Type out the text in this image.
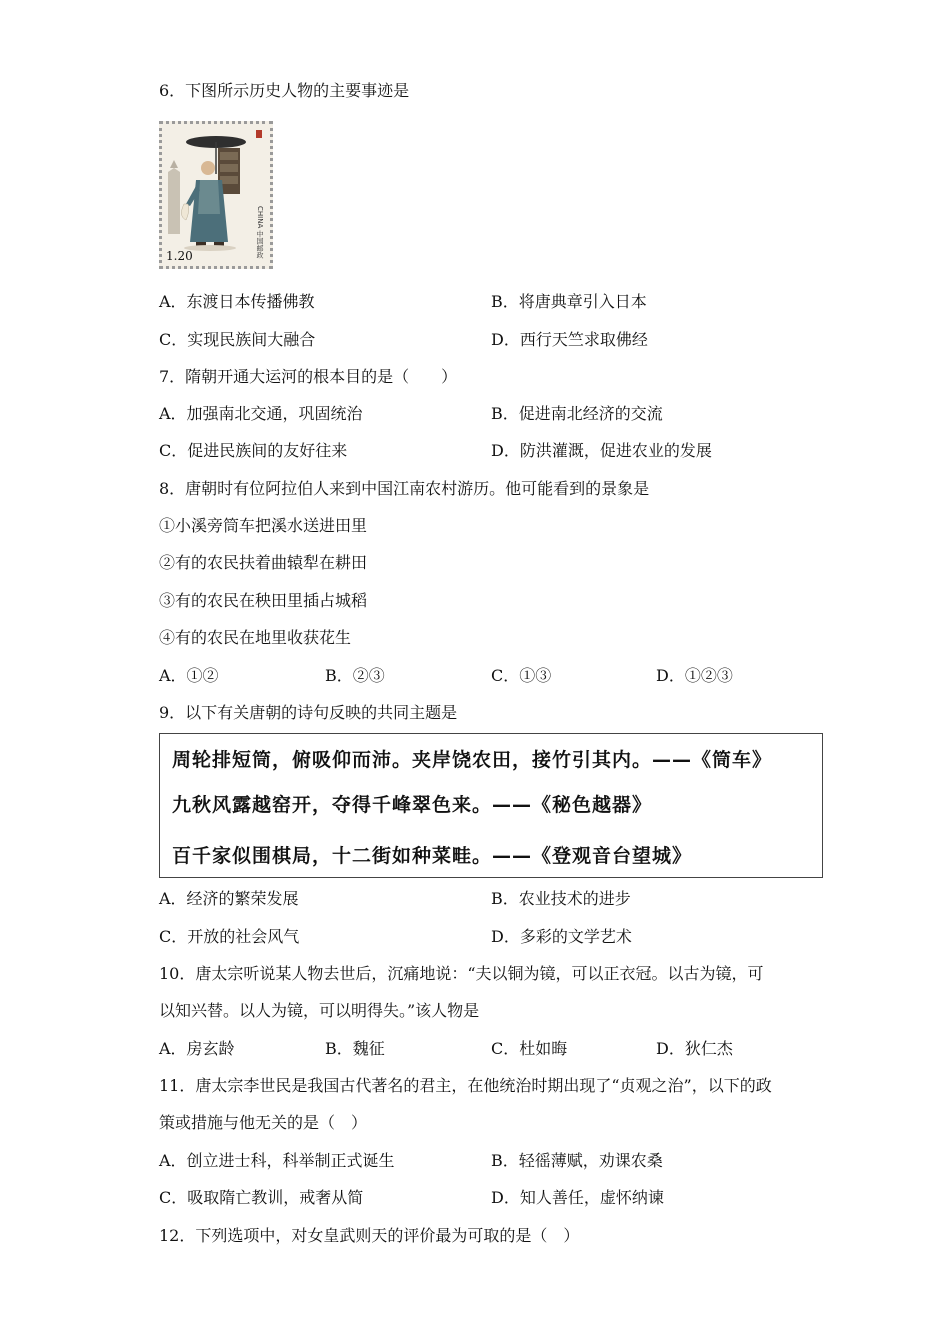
6．下图所示历史人物的主要事迹是
CHINA 中国邮政
1.20
A．东渡日本传播佛教	B．将唐典章引入日本
C．实现民族间大融合	D．西行天竺求取佛经
7．隋朝开通大运河的根本目的是（　　）
A．加强南北交通，巩固统治	B．促进南北经济的交流
C．促进民族间的友好往来	D．防洪灌溉，促进农业的发展
8．唐朝时有位阿拉伯人来到中国江南农村游历。他可能看到的景象是
①小溪旁筒车把溪水送进田里
②有的农民扶着曲辕犁在耕田
③有的农民在秧田里插占城稻
④有的农民在地里收获花生
A．①②	B．②③	C．①③	D．①②③
9．以下有关唐朝的诗句反映的共同主题是
周轮排短筒，俯吸仰而沛。夹岸饶农田，接竹引其内。——《筒车》
九秋风露越窑开，夺得千峰翠色来。——《秘色越器》
百千家似围棋局，十二街如种菜畦。——《登观音台望城》
A．经济的繁荣发展	B．农业技术的进步
C．开放的社会风气	D．多彩的文学艺术
10．唐太宗听说某人物去世后，沉痛地说：“夫以铜为镜，可以正衣冠。以古为镜，可
以知兴替。以人为镜，可以明得失。”该人物是
A．房玄龄	B．魏征	C．杜如晦	D．狄仁杰
11．唐太宗李世民是我国古代著名的君主，在他统治时期出现了“贞观之治”，以下的政
策或措施与他无关的是（　）
A．创立进士科，科举制正式诞生	B．轻徭薄赋，劝课农桑
C．吸取隋亡教训，戒奢从简	D．知人善任，虚怀纳谏
12．下列选项中，对女皇武则天的评价最为可取的是（　）
